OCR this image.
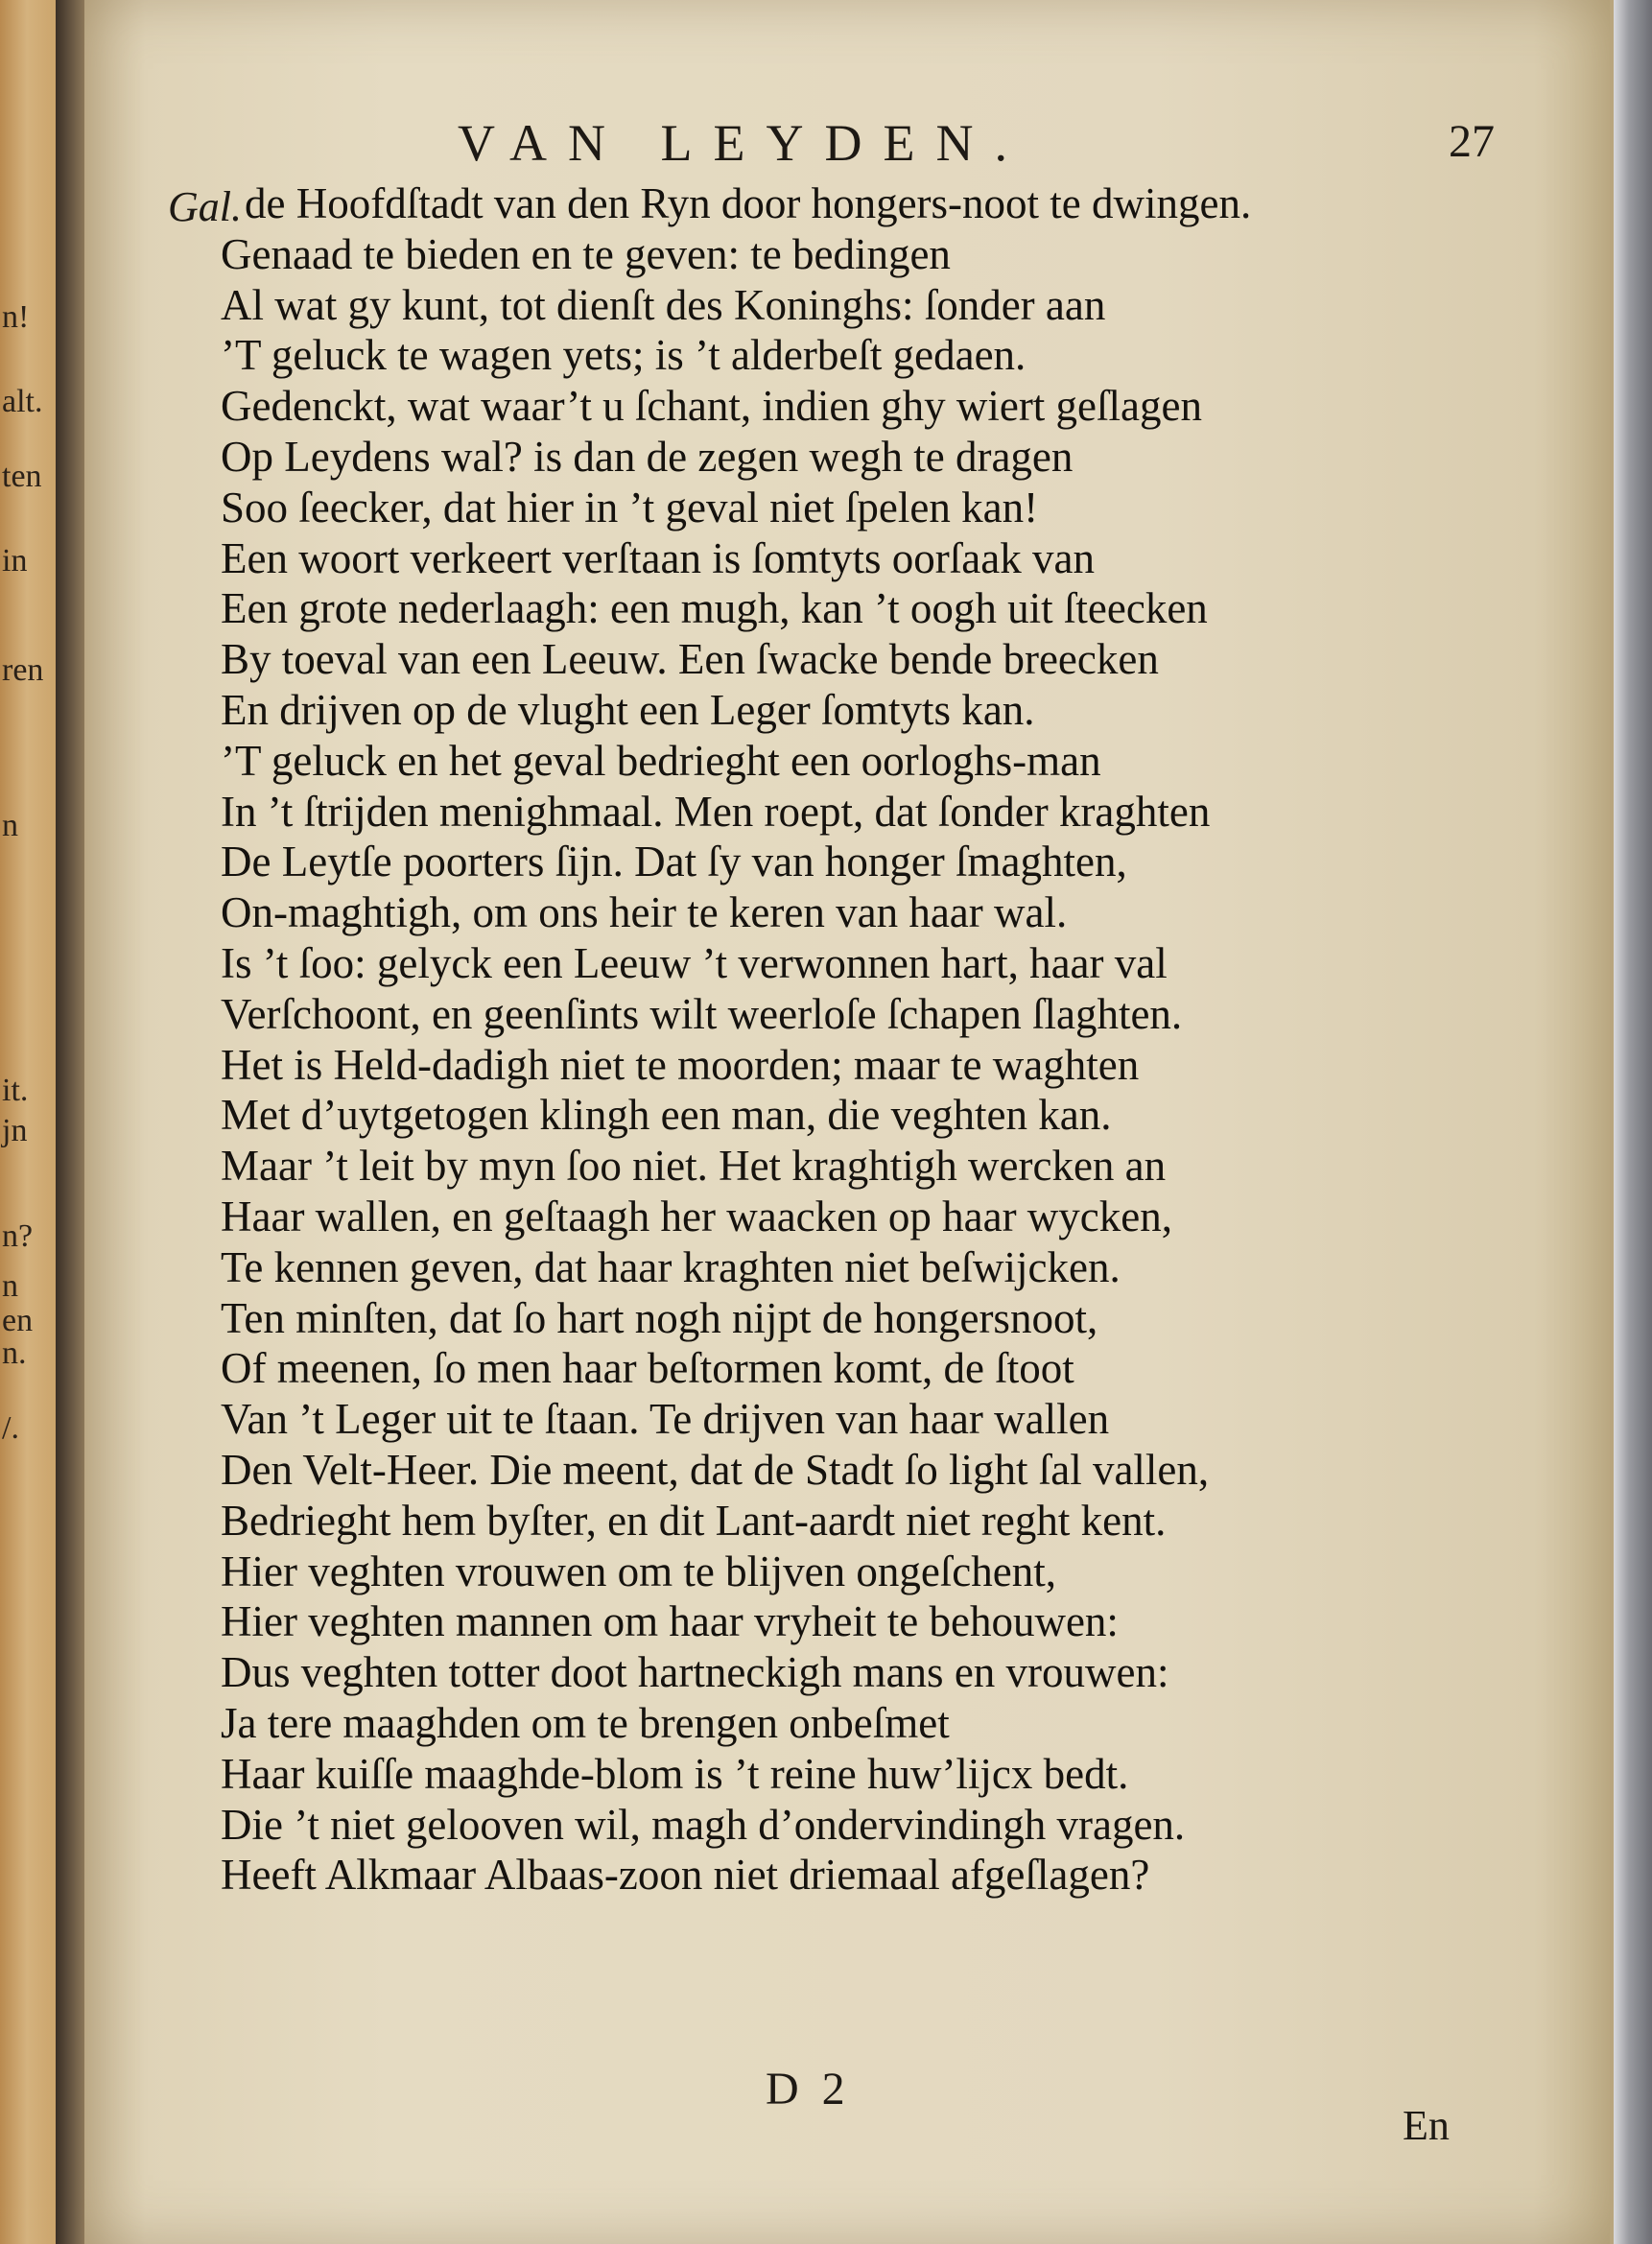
n!
alt.
ten
in
ren
n
it.
jn
n?
n
en
n.
/.
VAN LEYDEN.	27
Gal. de Hoofdſtadt van den Ryn door hongers-noot te dwingen.
Genaad te bieden en te geven: te bedingen
Al wat gy kunt, tot dienſt des Koninghs: ſonder aan
’T geluck te wagen yets; is ’t alderbeſt gedaen.
Gedenckt, wat waar’t u ſchant, indien ghy wiert geſlagen
Op Leydens wal? is dan de zegen wegh te dragen
Soo ſeecker, dat hier in ’t geval niet ſpelen kan!
Een woort verkeert verſtaan is ſomtyts oorſaak van
Een grote nederlaagh: een mugh, kan ’t oogh uit ſteecken
By toeval van een Leeuw. Een ſwacke bende breecken
En drijven op de vlught een Leger ſomtyts kan.
’T geluck en het geval bedrieght een oorloghs-man
In ’t ſtrijden menighmaal. Men roept, dat ſonder kraghten
De Leytſe poorters ſijn. Dat ſy van honger ſmaghten,
On-maghtigh, om ons heir te keren van haar wal.
Is ’t ſoo: gelyck een Leeuw ’t verwonnen hart, haar val
Verſchoont, en geenſints wilt weerloſe ſchapen ſlaghten.
Het is Held-dadigh niet te moorden; maar te waghten
Met d’uytgetogen klingh een man, die veghten kan.
Maar ’t leit by myn ſoo niet. Het kraghtigh wercken an
Haar wallen, en geſtaagh her waacken op haar wycken,
Te kennen geven, dat haar kraghten niet beſwijcken.
Ten minſten, dat ſo hart nogh nijpt de hongersnoot,
Of meenen, ſo men haar beſtormen komt, de ſtoot
Van ’t Leger uit te ſtaan. Te drijven van haar wallen
Den Velt-Heer. Die meent, dat de Stadt ſo light ſal vallen,
Bedrieght hem byſter, en dit Lant-aardt niet reght kent.
Hier veghten vrouwen om te blijven ongeſchent,
Hier veghten mannen om haar vryheit te behouwen:
Dus veghten totter doot hartneckigh mans en vrouwen:
Ja tere maaghden om te brengen onbeſmet
Haar kuiſſe maaghde-blom is ’t reine huw’lijcx bedt.
Die ’t niet gelooven wil, magh d’ondervindingh vragen.
Heeft Alkmaar Albaas-zoon niet driemaal afgeſlagen?
D 2
En
